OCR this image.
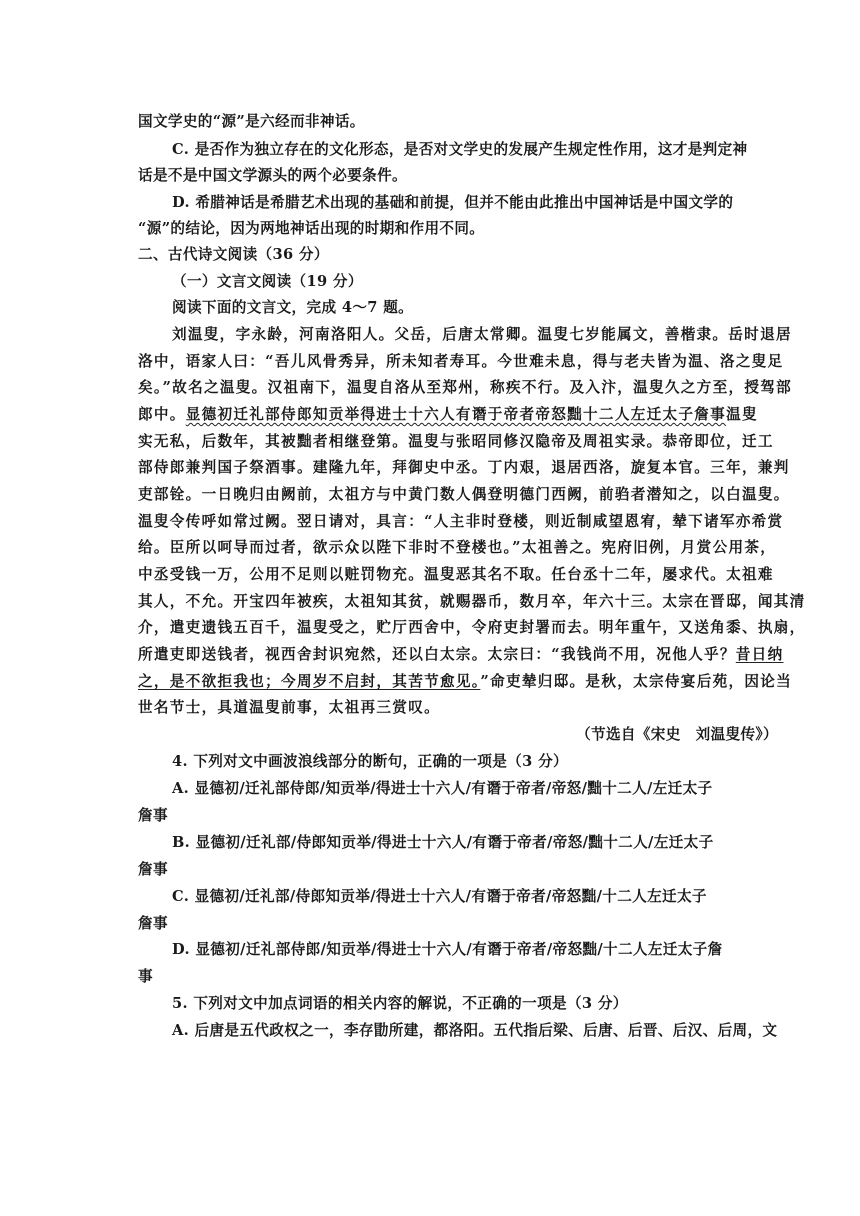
国文学史的“源”是六经而非神话。
C. 是否作为独立存在的文化形态，是否对文学史的发展产生规定性作用，这才是判定神
话是不是中国文学源头的两个必要条件。
D. 希腊神话是希腊艺术出现的基础和前提，但并不能由此推出中国神话是中国文学的
“源”的结论，因为两地神话出现的时期和作用不同。
二、古代诗文阅读（36 分）
（一）文言文阅读（19 分）
阅读下面的文言文，完成 4～7 题。
刘温叟，字永龄，河南洛阳人。父岳，后唐太常卿。温叟七岁能属文，善楷隶。岳时退居
洛中，语家人曰：“吾儿风骨秀异，所未知者寿耳。今世难未息，得与老夫皆为温、洛之叟足
矣。”故名之温叟。汉祖南下，温叟自洛从至郑州，称疾不行。及入汴，温叟久之方至，授驾部
郎中。显德初迁礼部侍郎知贡举得进士十六人有谮于帝者帝怒黜十二人左迁太子詹事温叟
实无私，后数年，其被黜者相继登第。温叟与张昭同修汉隐帝及周祖实录。恭帝即位，迁工
部侍郎兼判国子祭酒事。建隆九年，拜御史中丞。丁内艰，退居西洛，旋复本官。三年，兼判
吏部铨。一日晚归由阙前，太祖方与中黄门数人偶登明德门西阙，前驺者潜知之，以白温叟。
温叟令传呼如常过阙。翌日请对，具言：“人主非时登楼，则近制咸望恩宥，辇下诸军亦希赏
给。臣所以呵导而过者，欲示众以陛下非时不登楼也。”太祖善之。宪府旧例，月赏公用茶，
中丞受钱一万，公用不足则以赃罚物充。温叟恶其名不取。任台丞十二年，屡求代。太祖难
其人，不允。开宝四年被疾，太祖知其贫，就赐器币，数月卒，年六十三。太宗在晋邸，闻其清
介，遣吏遗钱五百千，温叟受之，贮厅西舍中，令府吏封署而去。明年重午，又送角黍、执扇，
所遣吏即送钱者，视西舍封识宛然，还以白太宗。太宗曰：“我钱尚不用，况他人乎？昔日纳
之，是不欲拒我也；今周岁不启封，其苦节愈见。”命吏辇归邸。是秋，太宗侍宴后苑，因论当
世名节士，具道温叟前事，太祖再三赏叹。
（节选自《宋史　刘温叟传》）
4. 下列对文中画波浪线部分的断句，正确的一项是（3 分）
A. 显德初/迁礼部侍郎/知贡举/得进士十六人/有谮于帝者/帝怒/黜十二人/左迁太子
詹事
B. 显德初/迁礼部/侍郎知贡举/得进士十六人/有谮于帝者/帝怒/黜十二人/左迁太子
詹事
C. 显德初/迁礼部/侍郎知贡举/得进士十六人/有谮于帝者/帝怒黜/十二人左迁太子
詹事
D. 显德初/迁礼部侍郎/知贡举/得进士十六人/有谮于帝者/帝怒黜/十二人左迁太子詹
事
5. 下列对文中加点词语的相关内容的解说，不正确的一项是（3 分）
A. 后唐是五代政权之一，李存勖所建，都洛阳。五代指后梁、后唐、后晋、后汉、后周，文
